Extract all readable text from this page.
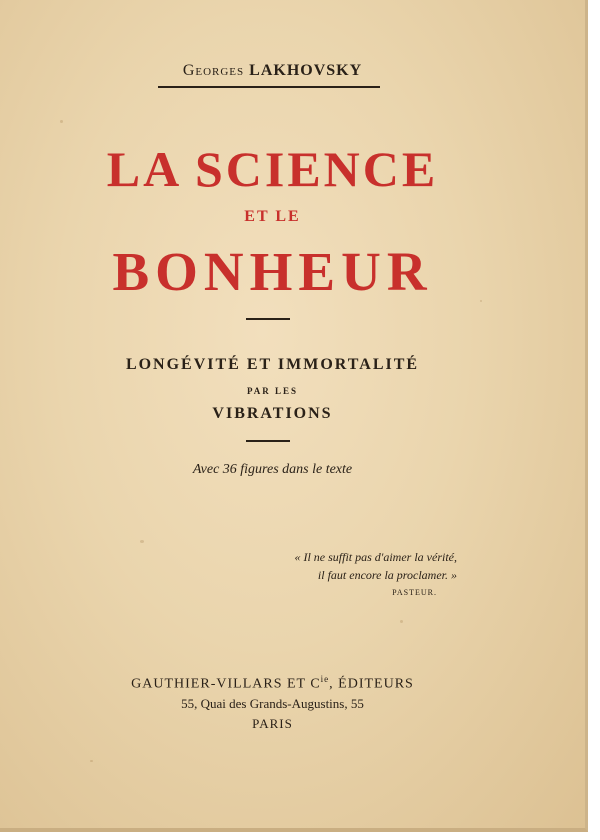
Georges LAKHOVSKY
LA SCIENCE
ET LE
BONHEUR
LONGÉVITÉ ET IMMORTALITÉ
PAR LES
VIBRATIONS
Avec 36 figures dans le texte
« Il ne suffit pas d'aimer la vérité,
il faut encore la proclamer. »
PASTEUR.
GAUTHIER-VILLARS ET $C^{ie}$, ÉDITEURS
55, Quai des Grands-Augustins, 55
PARIS
